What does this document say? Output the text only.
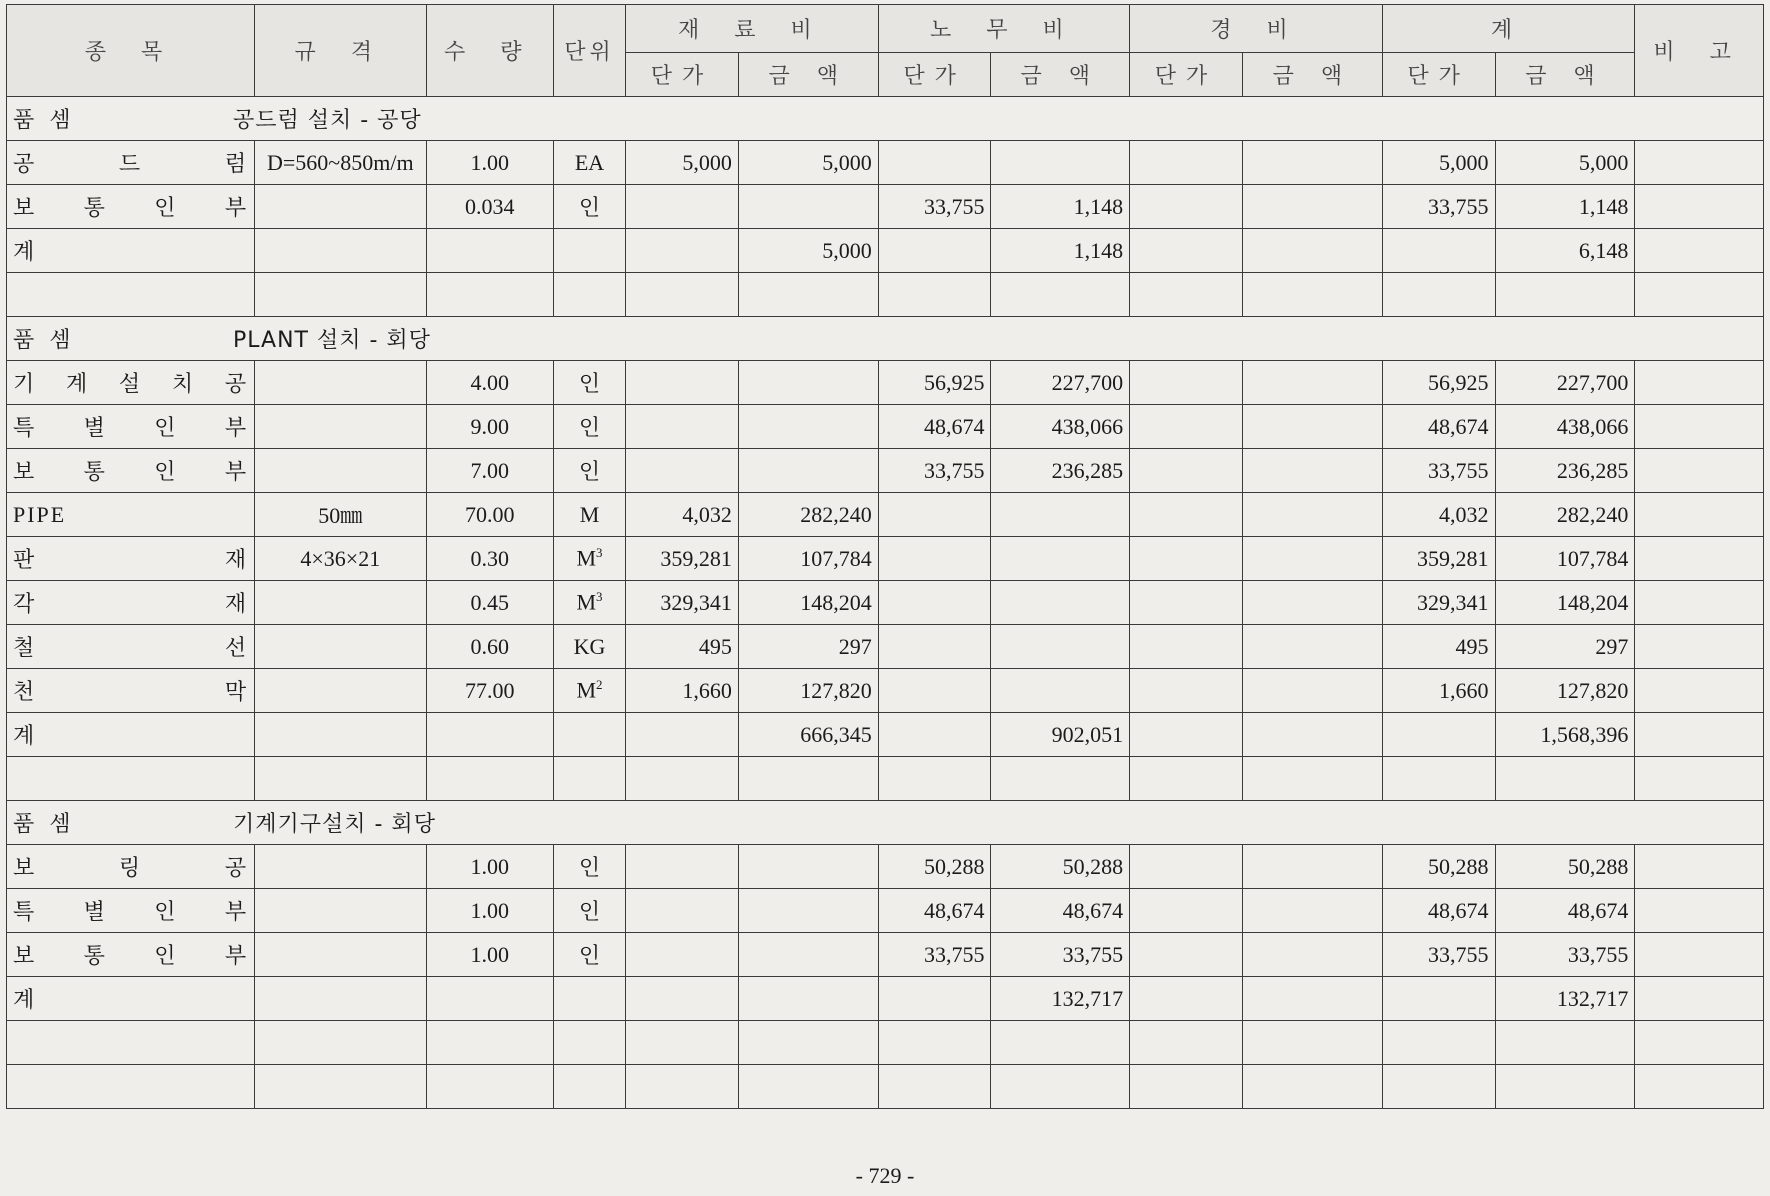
종 목	규 격	수 량	단위	재 료 비		노 무 비		경 비		계		비 고
				단가	금 액	단가	금 액	단가	금 액	단가	금 액	
품 셈 공드럼 설치 - 공당												

공 드 럼	D=560~850m/m	1.00	EA	5,000	5,000					5,000	5,000	

보 통 인 부		0.034	인			33,755	1,148			33,755	1,148	
계					5,000		1,148				6,148	

품 셈 PLANT 설치 - 회당												

기 계 설 치 공		4.00	인			56,925	227,700			56,925	227,700	

특 별 인 부		9.00	인			48,674	438,066			48,674	438,066	

보 통 인 부		7.00	인			33,755	236,285			33,755	236,285	
PIPE	50㎜	70.00	M	4,032	282,240					4,032	282,240	

판 재	4×36×21	0.30	$M^3$	359,281	107,784					359,281	107,784	

각 재		0.45	$M^3$	329,341	148,204					329,341	148,204	

철 선		0.60	KG	495	297					495	297	

천 막		77.00	$M^2$	1,660	127,820					1,660	127,820	
계					666,345		902,051				1,568,396	

품 셈 기계기구설치 - 회당												

보 링 공		1.00	인			50,288	50,288			50,288	50,288	

특 별 인 부		1.00	인			48,674	48,674			48,674	48,674	

보 통 인 부		1.00	인			33,755	33,755			33,755	33,755	
계							132,717				132,717	

- 729 -
